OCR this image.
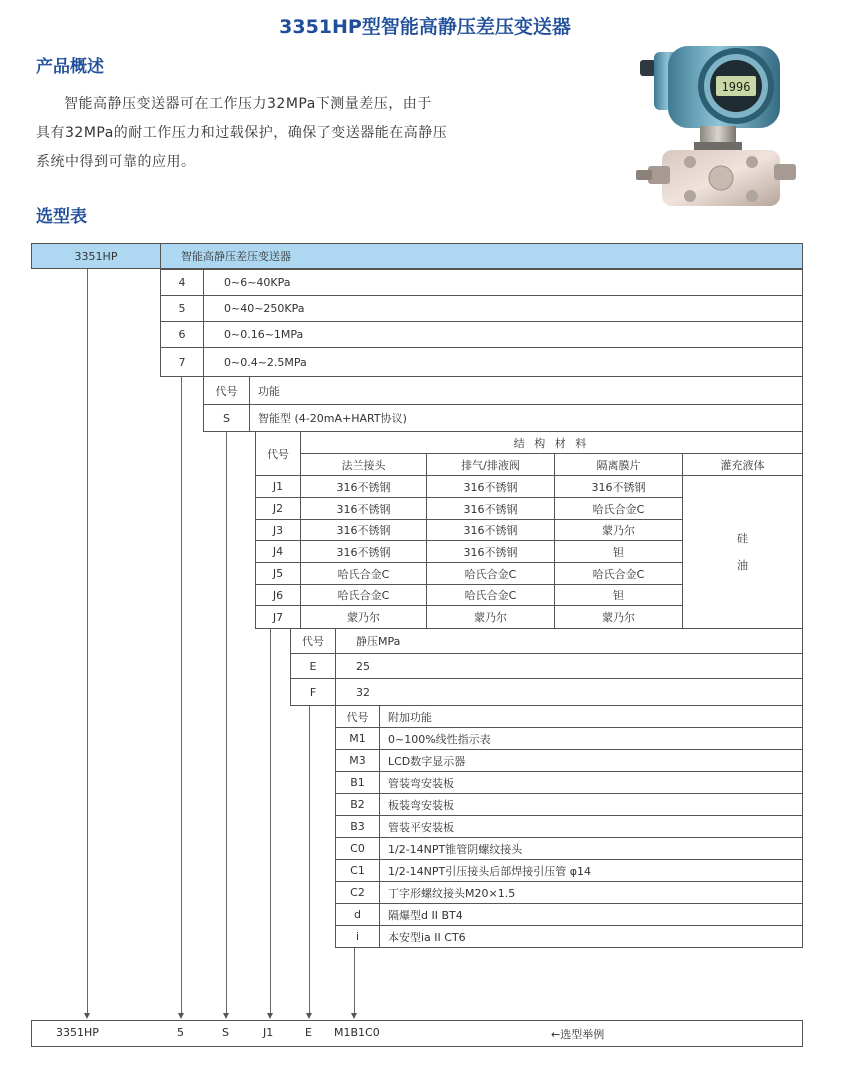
3351HP型智能高静压差压变送器
产品概述
智能高静压变送器可在工作压力32MPa下测量差压，由于
具有32MPa的耐工作压力和过载保护，确保了变送器能在高静压
系统中得到可靠的应用。
1996
选型表
3351HP	智能高静压差压变送器
4	0~6~40KPa
5	0~40~250KPa
6	0~0.16~1MPa
7	0~0.4~2.5MPa
代号	功能
S	智能型 (4-20mA+HART协议)
代号
结 构 材 料
法兰接头	排气/排液阀	隔离膜片	灌充液体
J1	316不锈钢	316不锈钢	316不锈钢
J2	316不锈钢	316不锈钢	哈氏合金C
J3	316不锈钢	316不锈钢	蒙乃尔
J4	316不锈钢	316不锈钢	钽
J5	哈氏合金C	哈氏合金C	哈氏合金C
J6	哈氏合金C	哈氏合金C	钽
J7	蒙乃尔	蒙乃尔	蒙乃尔
硅
油
代号	静压MPa
E	25
F	32
代号	附加功能
M1	0~100%线性指示表
M3	LCD数字显示器
B1	管装弯安装板
B2	板装弯安装板
B3	管装平安装板
C0	1/2-14NPT锥管阴螺纹接头
C1	1/2-14NPT引压接头后部焊接引压管 φ14
C2	丁字形螺纹接头M20×1.5
d	隔爆型d II BT4
i	本安型ia II CT6
3351HP	5	S	J1	E M1B1C0	←选型举例
